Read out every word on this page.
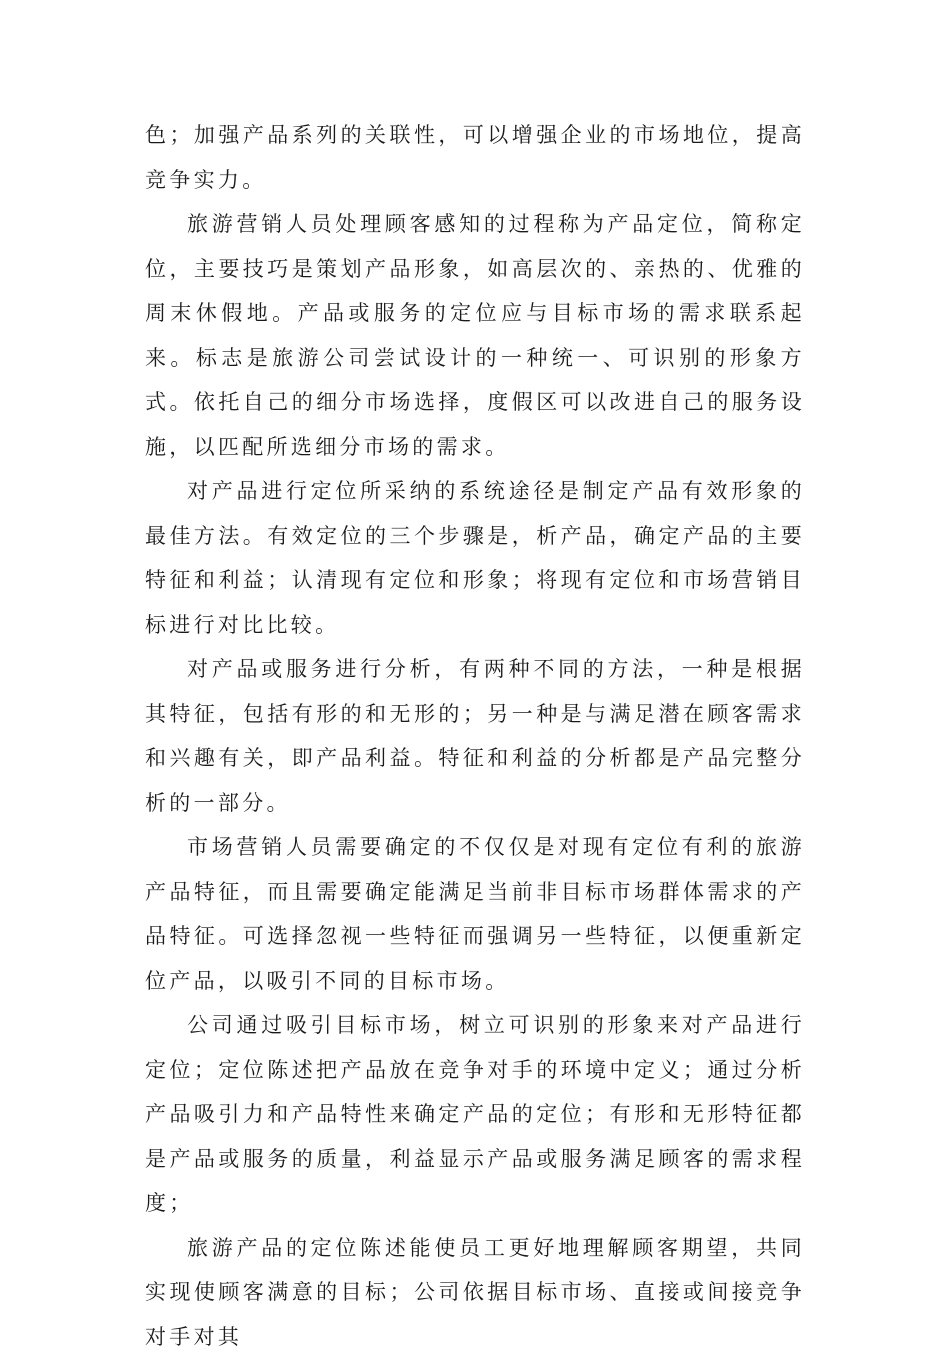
色；加强产品系列的关联性，可以增强企业的市场地位，提高竞争实力。

旅游营销人员处理顾客感知的过程称为产品定位，简称定位，主要技巧是策划产品形象，如高层次的、亲热的、优雅的周末休假地。产品或服务的定位应与目标市场的需求联系起来。标志是旅游公司尝试设计的一种统一、可识别的形象方式。依托自己的细分市场选择，度假区可以改进自己的服务设施，以匹配所选细分市场的需求。

对产品进行定位所采纳的系统途径是制定产品有效形象的最佳方法。有效定位的三个步骤是，析产品，确定产品的主要特征和利益；认清现有定位和形象；将现有定位和市场营销目标进行对比比较。

对产品或服务进行分析，有两种不同的方法，一种是根据其特征，包括有形的和无形的；另一种是与满足潜在顾客需求和兴趣有关，即产品利益。特征和利益的分析都是产品完整分析的一部分。

市场营销人员需要确定的不仅仅是对现有定位有利的旅游产品特征，而且需要确定能满足当前非目标市场群体需求的产品特征。可选择忽视一些特征而强调另一些特征，以便重新定位产品，以吸引不同的目标市场。

公司通过吸引目标市场，树立可识别的形象来对产品进行定位；定位陈述把产品放在竞争对手的环境中定义；通过分析产品吸引力和产品特性来确定产品的定位；有形和无形特征都是产品或服务的质量，利益显示产品或服务满足顾客的需求程度；

旅游产品的定位陈述能使员工更好地理解顾客期望，共同实现使顾客满意的目标；公司依据目标市场、直接或间接竞争对手对其
